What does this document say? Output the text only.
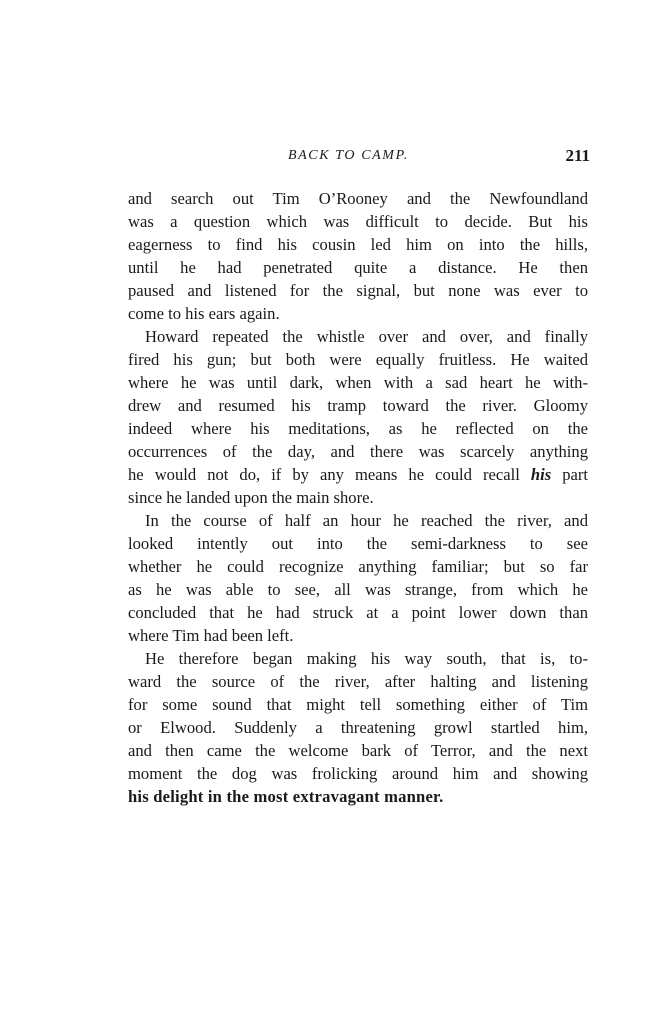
BACK TO CAMP.	211
and search out Tim O’Rooney and the Newfoundland
was a question which was difficult to decide. But his
eagerness to find his cousin led him on into the hills,
until he had penetrated quite a distance. He then
paused and listened for the signal, but none was ever to
come to his ears again.
Howard repeated the whistle over and over, and finally
fired his gun; but both were equally fruitless. He waited
where he was until dark, when with a sad heart he with-
drew and resumed his tramp toward the river. Gloomy
indeed where his meditations, as he reflected on the
occurrences of the day, and there was scarcely anything
he would not do, if by any means he could recall his part
since he landed upon the main shore.
In the course of half an hour he reached the river, and
looked intently out into the semi-darkness to see
whether he could recognize anything familiar; but so far
as he was able to see, all was strange, from which he
concluded that he had struck at a point lower down than
where Tim had been left.
He therefore began making his way south, that is, to-
ward the source of the river, after halting and listening
for some sound that might tell something either of Tim
or Elwood. Suddenly a threatening growl startled him,
and then came the welcome bark of Terror, and the next
moment the dog was frolicking around him and showing
his delight in the most extravagant manner.
